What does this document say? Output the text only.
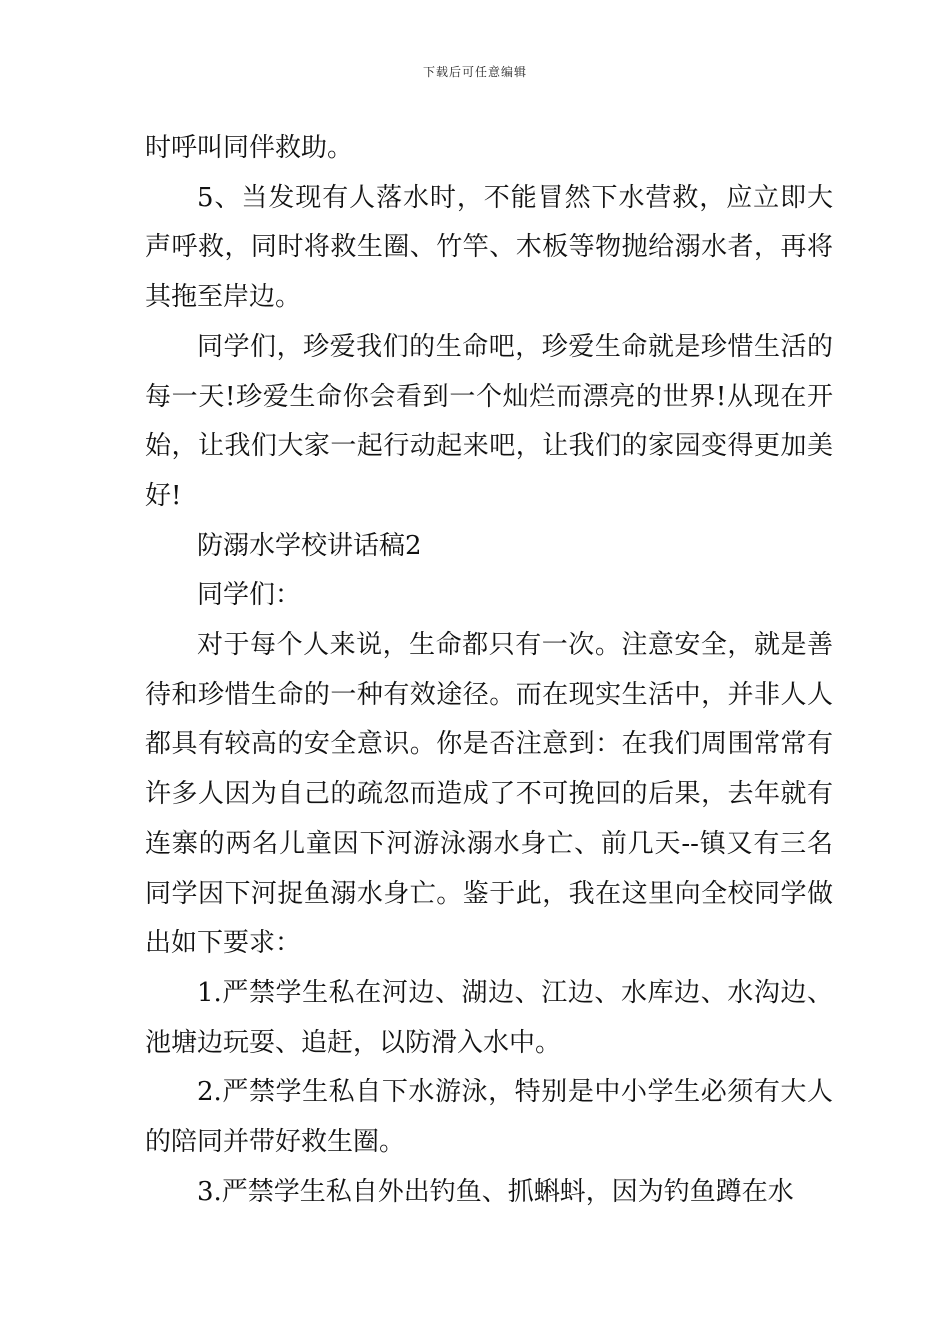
下载后可任意编辑

时呼叫同伴救助。

5、当发现有人落水时，不能冒然下水营救，应立即大声呼救，同时将救生圈、竹竿、木板等物抛给溺水者，再将其拖至岸边。

同学们，珍爱我们的生命吧，珍爱生命就是珍惜生活的每一天!珍爱生命你会看到一个灿烂而漂亮的世界!从现在开始，让我们大家一起行动起来吧，让我们的家园变得更加美好!

防溺水学校讲话稿2

同学们：

对于每个人来说，生命都只有一次。注意安全，就是善待和珍惜生命的一种有效途径。而在现实生活中，并非人人都具有较高的安全意识。你是否注意到：在我们周围常常有许多人因为自己的疏忽而造成了不可挽回的后果，去年就有连寨的两名儿童因下河游泳溺水身亡、前几天--镇又有三名同学因下河捉鱼溺水身亡。鉴于此，我在这里向全校同学做出如下要求：

1.严禁学生私在河边、湖边、江边、水库边、水沟边、池塘边玩耍、追赶，以防滑入水中。

2.严禁学生私自下水游泳，特别是中小学生必须有大人的陪同并带好救生圈。

3.严禁学生私自外出钓鱼、抓蝌蚪，因为钓鱼蹲在水
